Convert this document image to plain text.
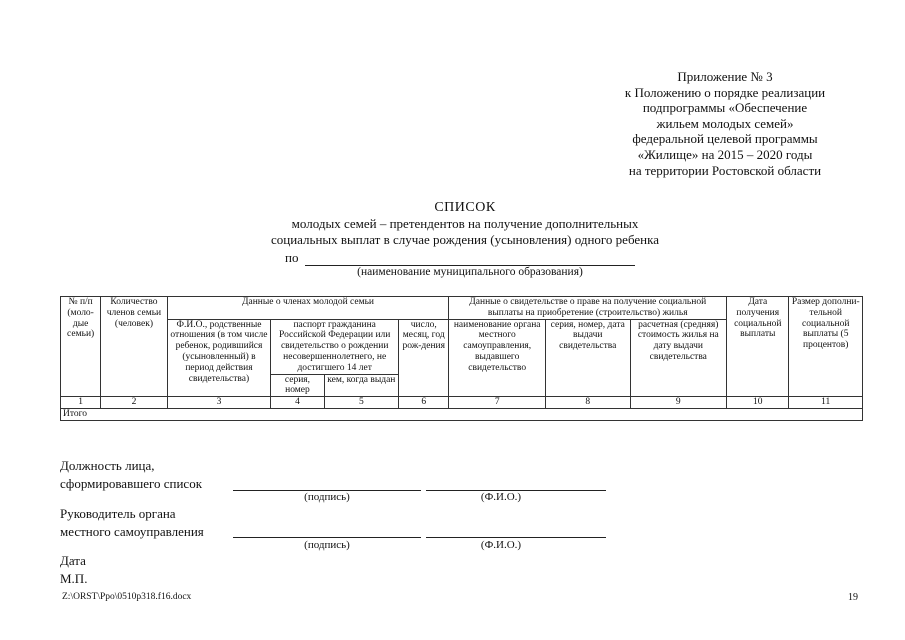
Приложение № 3
к Положению о порядке реализации
подпрограммы «Обеспечение
жильем молодых семей»
федеральной целевой программы
«Жилище» на 2015 – 2020 годы
на территории Ростовской области
СПИСОК
молодых семей – претендентов на получение дополнительных
социальных выплат в случае рождения (усыновления) одного ребенка
по
(наименование муниципального образования)
№ п/п (моло-дые семьи)	Количество членов семьи (человек)	Данные о членах молодой семьи				Данные о свидетельстве о праве на получение социальной выплаты на приобретение (строительство) жилья			Дата получения социальной выплаты	Размер дополни-тельной социальной выплаты (5 процентов)
		Ф.И.О., родственные отношения (в том числе ребенок, родившийся (усыновленный) в период действия свидетельства)	паспорт гражданина Российской Федерации или свидетельство о рождении несовершеннолетнего, не достигшего 14 лет		число, месяц, год рож-дения	наименование органа местного самоуправления, выдавшего свидетельство	серия, номер, дата выдачи свидетельства	расчетная (средняя) стоимость жилья на дату выдачи свидетельства		
			серия, номер	кем, когда выдан						
1	2	3	4	5	6	7	8	9	10	11
Итого										
Должность лица,
сформировавшего список
(подпись)	(Ф.И.О.)
Руководитель органа
местного самоуправления
(подпись)	(Ф.И.О.)
Дата
М.П.
Z:\ORST\Ppo\0510p318.f16.docx	19
